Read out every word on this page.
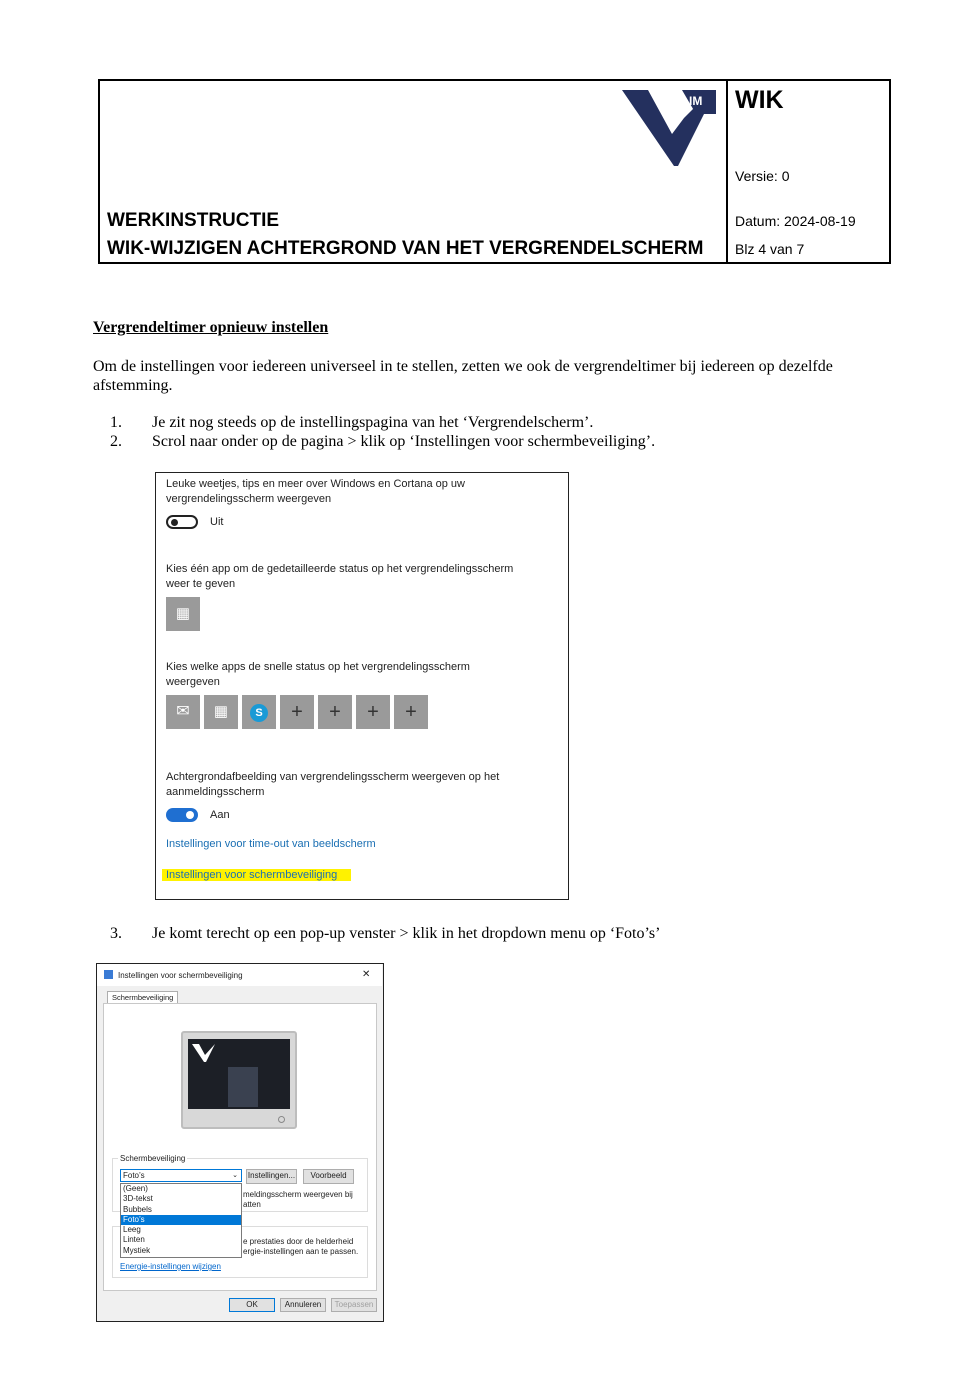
IM
WERKINSTRUCTIE
WIK-WIJZIGEN ACHTERGROND VAN HET VERGRENDELSCHERM
WIK
Versie: 0
Datum: 2024-08-19
Blz 4 van 7
Vergrendeltimer opnieuw instellen
Om de instellingen voor iedereen universeel in te stellen, zetten we ook de vergrendeltimer bij iedereen op dezelfde afstemming.
1. Je zit nog steeds op de instellingspagina van het ‘Vergrendelscherm’.
2. Scrol naar onder op de pagina > klik op ‘Instellingen voor schermbeveiliging’.
Leuke weetjes, tips en meer over Windows en Cortana op uw
vergrendelingsscherm weergeven
Uit
Kies één app om de gedetailleerde status op het vergrendelingsscherm
weer te geven
▦
Kies welke apps de snelle status op het vergrendelingsscherm
weergeven
✉	▦	S	+	+	+	+
Achtergrondafbeelding van vergrendelingsscherm weergeven op het
aanmeldingsscherm
Aan
Instellingen voor time-out van beeldscherm
Instellingen voor schermbeveiliging
3. Je komt terecht op een pop-up venster > klik in het dropdown menu op ‘Foto’s’
Instellingen voor schermbeveiliging	✕
Schermbeveiliging
Schermbeveiliging
Foto’s	⌄ Instellingen...	Voorbeeld
meldingsscherm weergeven bij
atten
e prestaties door de helderheid
ergie-instellingen aan te passen.
Energie-instellingen wijzigen
(Geen)
3D-tekst
Bubbels
Foto’s
Leeg
Linten
Mystiek
OK	Annuleren	Toepassen
